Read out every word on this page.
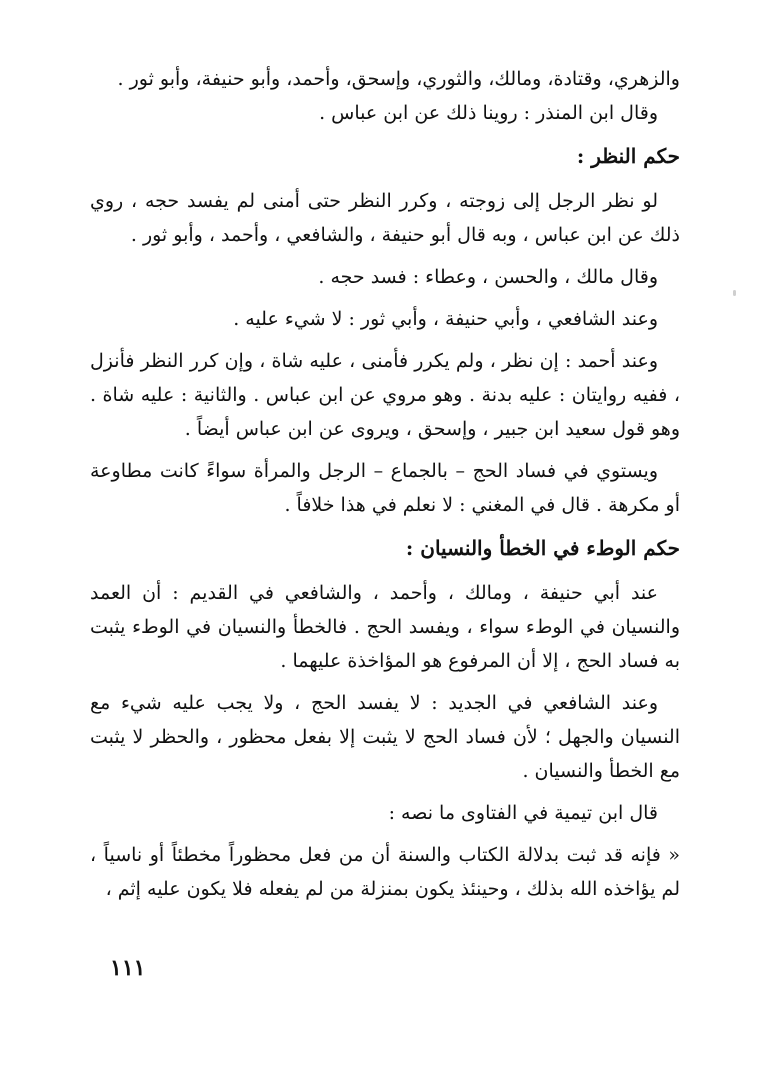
والزهري، وقتادة، ومالك، والثوري، وإسحق، وأحمد، وأبو حنيفة، وأبو ثور .
وقال ابن المنذر : روينا ذلك عن ابن عباس .
حكم النظر :
لو نظر الرجل إلى زوجته ، وكرر النظر حتى أمنى لم يفسد حجه ، روي ذلك عن ابن عباس ، وبه قال أبو حنيفة ، والشافعي ، وأحمد ، وأبو ثور .
وقال مالك ، والحسن ، وعطاء : فسد حجه .
وعند الشافعي ، وأبي حنيفة ، وأبي ثور : لا شيء عليه .
وعند أحمد : إن نظر ، ولم يكرر فأمنى ، عليه شاة ، وإن كرر النظر فأنزل ، ففيه روايتان : عليه بدنة . وهو مروي عن ابن عباس . والثانية : عليه شاة . وهو قول سعيد ابن جبير ، وإسحق ، ويروى عن ابن عباس أيضاً .
ويستوي في فساد الحج – بالجماع – الرجل والمرأة سواءً كانت مطاوعة أو مكرهة . قال في المغني : لا نعلم في هذا خلافاً .
حكم الوطء في الخطأ والنسيان :
عند أبي حنيفة ، ومالك ، وأحمد ، والشافعي في القديم : أن العمد والنسيان في الوطء سواء ، ويفسد الحج . فالخطأ والنسيان في الوطء يثبت به فساد الحج ، إلا أن المرفوع هو المؤاخذة عليهما .
وعند الشافعي في الجديد : لا يفسد الحج ، ولا يجب عليه شيء مع النسيان والجهل ؛ لأن فساد الحج لا يثبت إلا بفعل محظور ، والحظر لا يثبت مع الخطأ والنسيان .
قال ابن تيمية في الفتاوى ما نصه :
« فإنه قد ثبت بدلالة الكتاب والسنة أن من فعل محظوراً مخطئاً أو ناسياً ، لم يؤاخذه الله بذلك ، وحينئذ يكون بمنزلة من لم يفعله فلا يكون عليه إثم ،
١١١
